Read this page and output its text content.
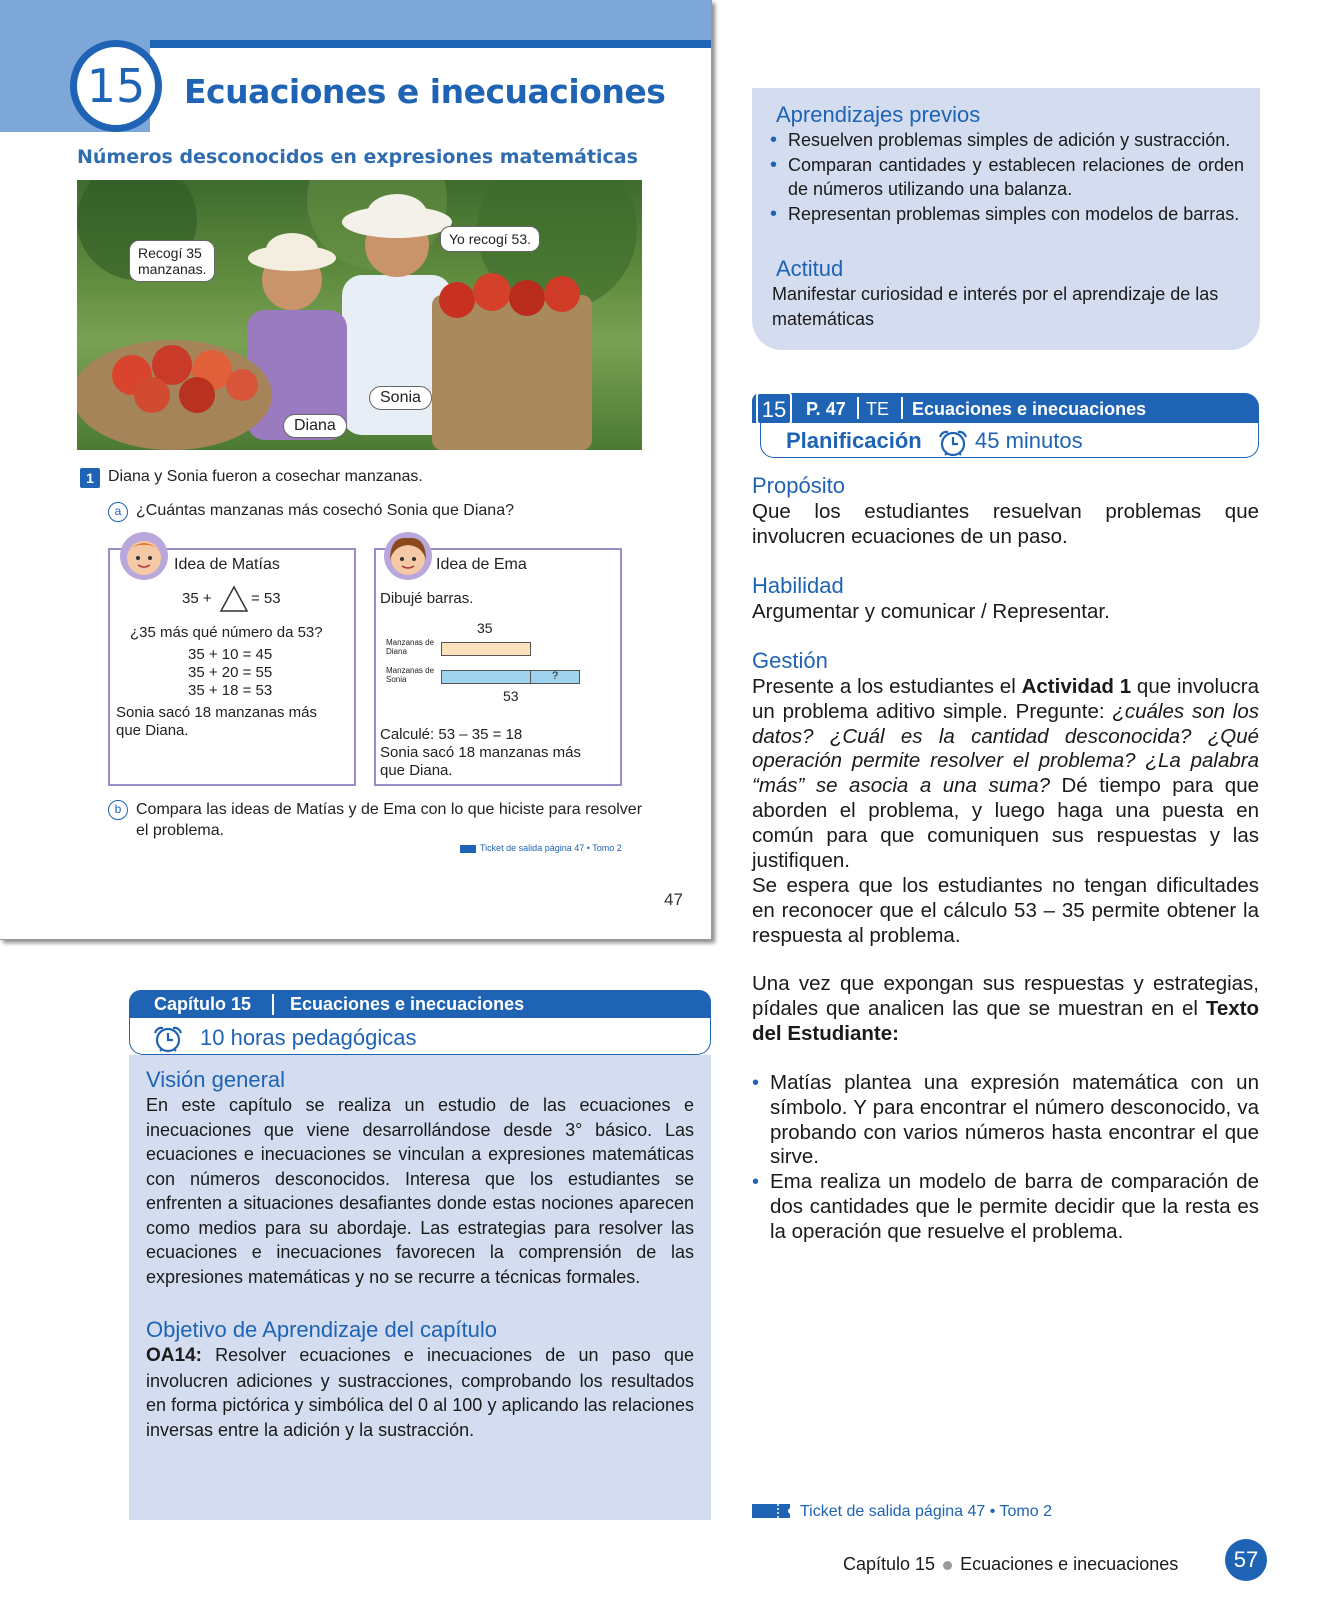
15	Ecuaciones e inecuaciones
Números desconocidos en expresiones matemáticas
Recogí 35 manzanas.
Yo recogí 53.
Sonia
Diana
1 Diana y Sonia fueron a cosechar manzanas.
a ¿Cuántas manzanas más cosechó Sonia que Diana?
Idea de Matías
35 +	= 53
¿35 más qué número da 53?
35 + 10 = 45
35 + 20 = 55
35 + 18 = 53
Sonia sacó 18 manzanas más que Diana.
Idea de Ema
Dibujé barras.
35
Manzanas de Diana
Manzanas de Sonia	?
53
Calculé: 53 – 35 = 18
Sonia sacó 18 manzanas más que Diana.
b Compara las ideas de Matías y de Ema con lo que hiciste para resolver el problema.
Ticket de salida página 47 • Tomo 2
47
Aprendizajes previos
• Resuelven problemas simples de adición y sustracción.
• Comparan cantidades y establecen relaciones de orden de números utilizando una balanza.
• Representan problemas simples con modelos de barras.
Actitud
Manifestar curiosidad e interés por el aprendizaje de las matemáticas
15	P. 47 TE Ecuaciones e inecuaciones
Planificación 45 minutos
Propósito
Que los estudiantes resuelvan problemas que involucren ecuaciones de un paso.
Habilidad
Argumentar y comunicar / Representar.
Gestión
Presente a los estudiantes el Actividad 1 que involucra un problema aditivo simple. Pregunte: ¿cuáles son los datos? ¿Cuál es la cantidad desconocida? ¿Qué operación permite resolver el problema? ¿La palabra “más” se asocia a una suma? Dé tiempo para que aborden el problema, y luego haga una puesta en común para que comuniquen sus respuestas y las justifiquen.
Se espera que los estudiantes no tengan dificultades en reconocer que el cálculo 53 – 35 permite obtener la respuesta al problema.
Una vez que expongan sus respuestas y estrategias, pídales que analicen las que se muestran en el Texto del Estudiante:
• Matías plantea una expresión matemática con un símbolo. Y para encontrar el número desconocido, va probando con varios números hasta encontrar el que sirve.
• Ema realiza un modelo de barra de comparación de dos cantidades que le permite decidir que la resta es la operación que resuelve el problema.
Capítulo 15 Ecuaciones e inecuaciones
10 horas pedagógicas
Visión general
En este capítulo se realiza un estudio de las ecuaciones e inecuaciones que viene desarrollándose desde 3° básico. Las ecuaciones e inecuaciones se vinculan a expresiones matemáticas con números desconocidos. Interesa que los estudiantes se enfrenten a situaciones desafiantes donde estas nociones aparecen como medios para su abordaje. Las estrategias para resolver las ecuaciones e inecuaciones favorecen la comprensión de las expresiones matemáticas y no se recurre a técnicas formales.
Objetivo de Aprendizaje del capítulo
OA14: Resolver ecuaciones e inecuaciones de un paso que involucren adiciones y sustracciones, comprobando los resultados en forma pictórica y simbólica del 0 al 100 y aplicando las relaciones inversas entre la adición y la sustracción.
Ticket de salida página 47 • Tomo 2
Capítulo 15 Ecuaciones e inecuaciones	57
